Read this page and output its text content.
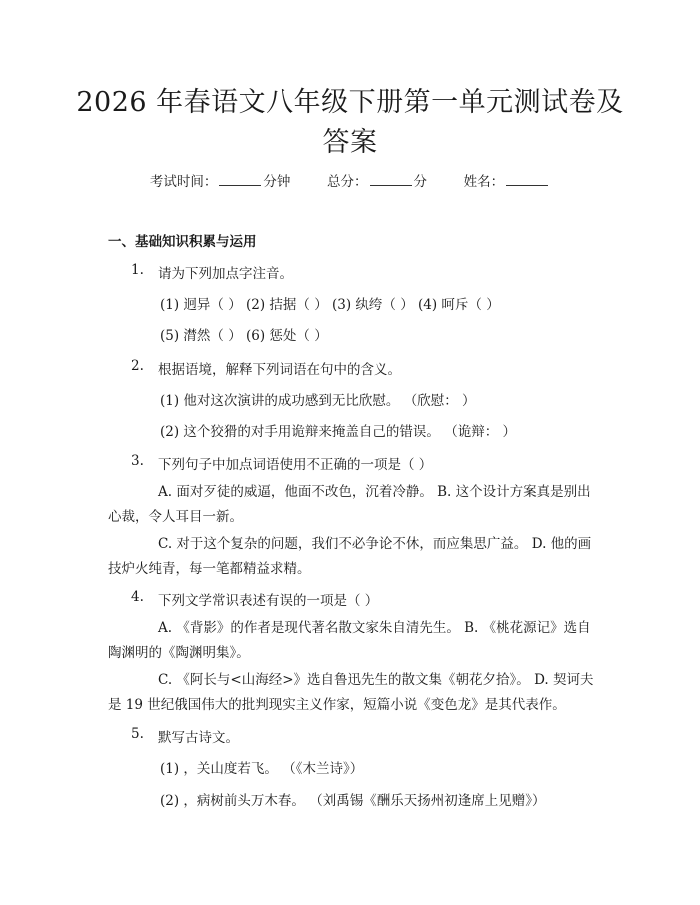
2026 年春语文八年级下册第一单元测试卷及
答案
考试时间：	分钟	总分：	分	姓名：
一、基础知识积累与运用
1. 请为下列加点字注音。
(1) 迥异（ ） (2) 拮据（ ） (3) 纨绔（ ） (4) 呵斥（ ）
(5) 潸然（ ） (6) 惩处（ ）
2. 根据语境，解释下列词语在句中的含义。
(1) 他对这次演讲的成功感到无比欣慰。 （欣慰： ）
(2) 这个狡猾的对手用诡辩来掩盖自己的错误。 （诡辩： ）
3. 下列句子中加点词语使用不正确的一项是（ ）
A. 面对歹徒的威逼，他面不改色，沉着冷静。 B. 这个设计方案真是别出心裁，令人耳目一新。
C. 对于这个复杂的问题，我们不必争论不休，而应集思广益。 D. 他的画技炉火纯青，每一笔都精益求精。
4. 下列文学常识表述有误的一项是（ ）
A. 《背影》的作者是现代著名散文家朱自清先生。 B. 《桃花源记》选自陶渊明的《陶渊明集》。
C. 《阿长与<山海经>》选自鲁迅先生的散文集《朝花夕拾》。 D. 契诃夫是 19 世纪俄国伟大的批判现实主义作家，短篇小说《变色龙》是其代表作。
5. 默写古诗文。
(1) ，关山度若飞。 （《木兰诗》）
(2) ，病树前头万木春。 （刘禹锡《酬乐天扬州初逢席上见赠》）
